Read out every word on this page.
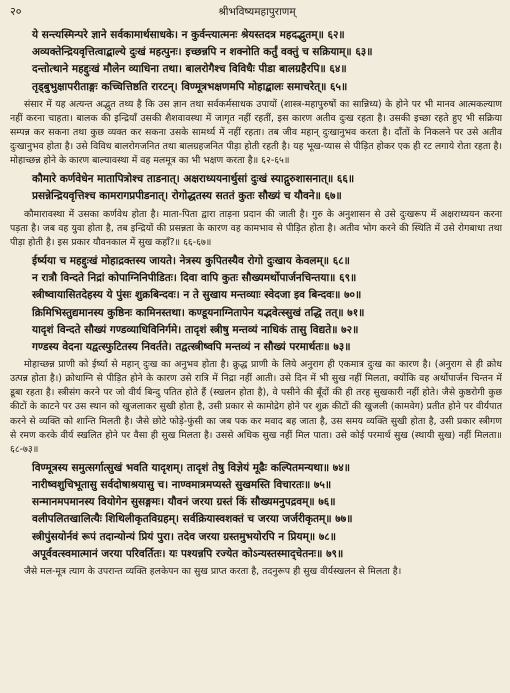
२०	श्रीभविष्यमहापुराणम्
ये सन्त्यस्मिन्परे ज्ञाने सर्वकामार्थसाधके। न कुर्वन्त्यात्मनः श्रेयस्तदत्र महदद्भुतम्॥ ६२॥
अव्यक्तेन्द्रियवृत्तित्वाद्बाल्ये दुःखं महत्पुनः। इच्छन्नपि न शक्नोति कर्तुं वक्तुं च सक्रियाम्॥ ६३॥
दन्तोत्थाने महद्दुःखं मौलेन व्याधिना तथा। बालरोगैश्च विविधैः पीडा बालग्रहैरपि॥ ६४॥
तृड्बुभुक्षापरीताङ्गः कच्चित्तिष्ठति रारटन्। विण्मूत्रभक्षणमपि मोहाद्बालः समाचरेत्॥ ६५॥

संसार में यह अत्यन्त अद्भुत तथ्य है कि उस ज्ञान तथा सर्वकर्मसाधक उपायों (शास्त्र-महापुरुषों का सान्निध्य) के होने पर भी मानव आत्मकल्याण नहीं करना चाहता। बालक की इन्द्रियाँ उसकी शैशवावस्था में जागृत नहीं रहतीं, इस कारण अतीव दुःख रहता है। उसकी इच्छा रहते हुए भी सक्रिया सम्पन्न कर सकना तथा कुछ व्यक्त कर सकना उसके सामर्थ्य में नहीं रहता। तब जीव महान् दुःखानुभव करता है। दाँतों के निकलने पर उसे अतीव दुःखानुभव होता है। उसे विविध बालरोगजनित तथा बालग्रहजनित पीड़ा होती रहती है। यह भूख-प्यास से पीड़ित होकर एक ही रट लगाये रोता रहता है। मोहाच्छन्न होने के कारण बाल्यावस्था में वह मलमूत्र का भी भक्षण करता है॥ ६२-६५॥

कौमारे कर्णवेधेन मातापित्रोश्च ताडनात्। अक्षराध्ययनार्थुसां दुःखं स्याद्गुरुशासनात्॥ ६६॥
प्रसन्नेन्द्रियवृत्तिश्च कामरागप्रपीडनात्। रोगोद्धतस्य सततं कुतः सौख्यं च यौवने॥ ६७॥

कौमारावस्था में उसका कर्णवेध होता है। माता-पिता द्वारा ताड़ना प्रदान की जाती है। गुरु के अनुशासन से उसे दुःखरूप में अक्षराध्ययन करना पड़ता है। जब वह युवा होता है, तब इन्द्रियों की प्रसन्नता के कारण वह कामभाव से पीड़ित होता है। अतीव भोग करने की स्थिति में उसे रोगबाधा तथा पीड़ा होती है। इस प्रकार यौवनकाल में सुख कहाँ?॥ ६६-६७॥

ईर्ष्यया च महद्दुःखं मोहाद्रक्तस्य जायते। नेत्रस्य कुपितस्यैव रोगो दुःखाय केवलम्॥ ६८॥
न रात्रौ विन्दते निद्रां कोपाग्निनिपीडितः। दिवा वापि कुतः सौख्यमर्थोपार्जनचिन्तया॥ ६९॥
स्त्रीष्वायासितदेहस्य ये पुंसः शुक्रबिन्दवः। न ते सुखाय मन्तव्याः स्वेदजा इव बिन्दवः॥ ७०॥
क्रिमिभिस्तुद्यमानस्य कुष्ठिनः कामिनस्तथा। कण्डूयनाग्नितापेन यद्भवेत्स्सुखं तद्धि तत्॥ ७१॥
यादृशं विन्दते सौख्यं गण्डव्याधिविनिर्गमे। तादृशं स्त्रीषु मन्तव्यं नाधिकं तासु विद्यते॥ ७२॥
गण्डस्य वेदना यद्वत्स्फुटितस्य निवर्तते। तद्वत्स्त्रीष्वपि मन्तव्यं न सौख्यं परमार्थतः॥ ७३॥

मोहाच्छन्न प्राणी को ईर्ष्या से महान् दुःख का अनुभव होता है। क्रुद्ध प्राणी के लिये अनुराग ही एकमात्र दुःख का कारण है। (अनुराग से ही क्रोध उत्पन्न होता है।) क्रोधाग्नि से पीड़ित होने के कारण उसे रात्रि में निद्रा नहीं आती। उसे दिन में भी सुख नहीं मिलता, क्योंकि वह अर्थोपार्जन चिन्तन में डूबा रहता है। स्त्रीसंग करने पर जो वीर्य बिन्दु पतित होते हैं (स्खलन होता है), वे पसीने की बूँदों की ही तरह सुखकारी नहीं होते। जैसे कुष्ठरोगी कुछ कीटों के काटने पर उस स्थान को खुजलाकर सुखी होता है, उसी प्रकार से कामोद्रेग होने पर शुक्र कीटों की खुजली (कामवेग) प्रतीत होने पर वीर्यपात करने से व्यक्ति को शान्ति मिलती है। जैसे छोटे फोड़े-फुंसी का जब पक कर मवाद बह जाता है, उस समय व्यक्ति सुखी होता है, उसी प्रकार स्त्रीगण से रमण करके वीर्य स्खलित होने पर वैसा ही सुख मिलता है। उससे अधिक सुख नहीं मिल पाता। उसे कोई परमार्थ सुख (स्थायी सुख) नहीं मिलता॥ ६८-७३॥

विण्मूत्रस्य समुत्सर्गात्सुखं भवति यादृशम्। तादृशं तेषु विज्ञेयं मूढैः कल्पितमन्यथा॥ ७४॥
नारीष्वशुचिभूतासु सर्वदोषाश्रयासु च। नाण्वमात्रमप्यस्ते सुखमस्ति विचारतः॥ ७५॥
सन्मानमपमानस्य वियोगेन सुसङ्गमः। यौवनं जरया ग्रस्तं किं सौख्यमनुपद्रवम्॥ ७६॥
वलीपलितखालित्यैः शिथिलीकृतविग्रहम्। सर्वक्रियास्वशक्तं च जरया जर्जरीकृतम्॥ ७७॥
स्त्रीपुंसयोर्नवं रूपं तदान्योन्यं प्रियं पुरा। तदेव जरया ग्रस्तमुभयोरपि न प्रियम्॥ ७८॥
अपूर्ववत्स्वमात्मानं जरया परिवर्तितः। यः पश्यन्नपि रज्येत कोऽन्यस्तस्माद्चेतनः॥ ७९॥

जैसे मल-मूत्र त्याग के उपरान्त व्यक्ति हलकेपन का सुख प्राप्त करता है, तदनुरूप ही सुख वीर्यस्खलन से मिलता है।
